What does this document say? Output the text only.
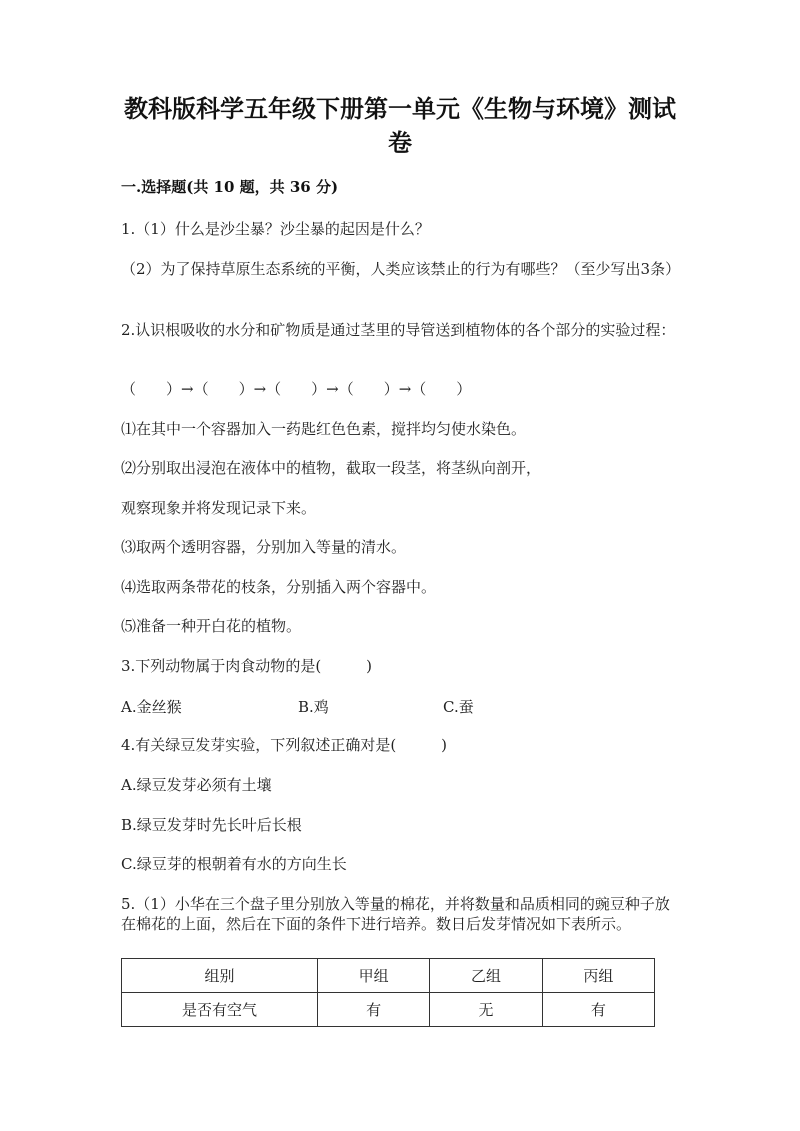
教科版科学五年级下册第一单元《生物与环境》测试卷
一.选择题(共 10 题，共 36 分)
1.（1）什么是沙尘暴？沙尘暴的起因是什么？
（2）为了保持草原生态系统的平衡，人类应该禁止的行为有哪些？（至少写出3条）
2.认识根吸收的水分和矿物质是通过茎里的导管送到植物体的各个部分的实验过程：
（　　）→（　　）→（　　）→（　　）→（　　）
⑴在其中一个容器加入一药匙红色色素，搅拌均匀使水染色。
⑵分别取出浸泡在液体中的植物，截取一段茎，将茎纵向剖开，
观察现象并将发现记录下来。
⑶取两个透明容器，分别加入等量的清水。
⑷选取两条带花的枝条，分别插入两个容器中。
⑸准备一种开白花的植物。
3.下列动物属于肉食动物的是(　　　)
A.金丝猴	B.鸡	C.蚕
4.有关绿豆发芽实验，下列叙述正确对是(　　　)
A.绿豆发芽必须有土壤
B.绿豆发芽时先长叶后长根
C.绿豆芽的根朝着有水的方向生长
5.（1）小华在三个盘子里分别放入等量的棉花，并将数量和品质相同的豌豆种子放在棉花的上面，然后在下面的条件下进行培养。数日后发芽情况如下表所示。
组别	甲组	乙组	丙组
是否有空气	有	无	有
